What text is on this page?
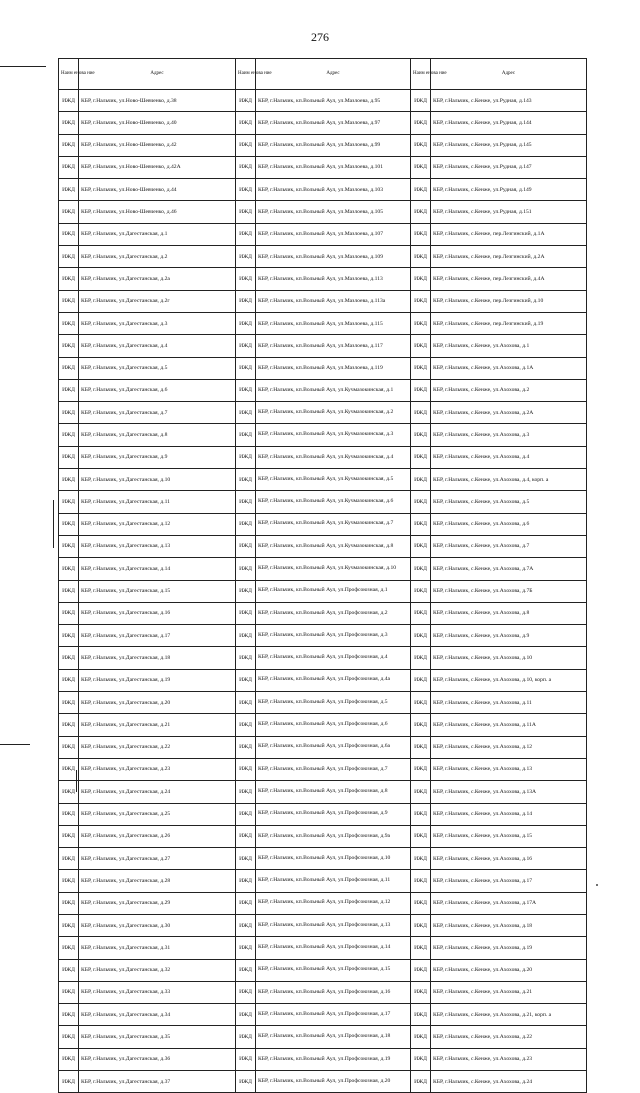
276
Наим енова ние	Адрес	Наим енова ние	Адрес	Наим енова ние	Адрес
ИЖД	КБР, г.Нальчик, ул.Ново-Шевченко, д.38	ИЖД	КБР, г.Нальчик, кп.Вольный Аул, ул.Мазлоева, д.95	ИЖД	КБР, г.Нальчик, с.Кенже, ул.Рудная, д.143
ИЖД	КБР, г.Нальчик, ул.Ново-Шевченко, д.40	ИЖД	КБР, г.Нальчик, кп.Вольный Аул, ул.Мазлоева, д.97	ИЖД	КБР, г.Нальчик, с.Кенже, ул.Рудная, д.144
ИЖД	КБР, г.Нальчик, ул.Ново-Шевченко, д.42	ИЖД	КБР, г.Нальчик, кп.Вольный Аул, ул.Мазлоева, д.99	ИЖД	КБР, г.Нальчик, с.Кенже, ул.Рудная, д.145
ИЖД	КБР, г.Нальчик, ул.Ново-Шевченко, д.42А	ИЖД	КБР, г.Нальчик, кп.Вольный Аул, ул.Мазлоева, д.101	ИЖД	КБР, г.Нальчик, с.Кенже, ул.Рудная, д.147
ИЖД	КБР, г.Нальчик, ул.Ново-Шевченко, д.44	ИЖД	КБР, г.Нальчик, кп.Вольный Аул, ул.Мазлоева, д.103	ИЖД	КБР, г.Нальчик, с.Кенже, ул.Рудная, д.149
ИЖД	КБР, г.Нальчик, ул.Ново-Шевченко, д.46	ИЖД	КБР, г.Нальчик, кп.Вольный Аул, ул.Мазлоева, д.105	ИЖД	КБР, г.Нальчик, с.Кенже, ул.Рудная, д.151
ИЖД	КБР, г.Нальчик, ул.Дагестанская, д.1	ИЖД	КБР, г.Нальчик, кп.Вольный Аул, ул.Мазлоева, д.107	ИЖД	КБР, г.Нальчик, с.Кенже, пер.Лезгинский, д.1А
ИЖД	КБР, г.Нальчик, ул.Дагестанская, д.2	ИЖД	КБР, г.Нальчик, кп.Вольный Аул, ул.Мазлоева, д.109	ИЖД	КБР, г.Нальчик, с.Кенже, пер.Лезгинский, д.2А
ИЖД	КБР, г.Нальчик, ул.Дагестанская, д.2а	ИЖД	КБР, г.Нальчик, кп.Вольный Аул, ул.Мазлоева, д.113	ИЖД	КБР, г.Нальчик, с.Кенже, пер.Лезгинский, д.4А
ИЖД	КБР, г.Нальчик, ул.Дагестанская, д.2г	ИЖД	КБР, г.Нальчик, кп.Вольный Аул, ул.Мазлоева, д.113а	ИЖД	КБР, г.Нальчик, с.Кенже, пер.Лезгинский, д.10
ИЖД	КБР, г.Нальчик, ул.Дагестанская, д.3	ИЖД	КБР, г.Нальчик, кп.Вольный Аул, ул.Мазлоева, д.115	ИЖД	КБР, г.Нальчик, с.Кенже, пер.Лезгинский, д.19
ИЖД	КБР, г.Нальчик, ул.Дагестанская, д.4	ИЖД	КБР, г.Нальчик, кп.Вольный Аул, ул.Мазлоева, д.117	ИЖД	КБР, г.Нальчик, с.Кенже, ул.Ахохова, д.1
ИЖД	КБР, г.Нальчик, ул.Дагестанская, д.5	ИЖД	КБР, г.Нальчик, кп.Вольный Аул, ул.Мазлоева, д.119	ИЖД	КБР, г.Нальчик, с.Кенже, ул.Ахохова, д.1А
ИЖД	КБР, г.Нальчик, ул.Дагестанская, д.6	ИЖД	КБР, г.Нальчик, кп.Вольный Аул, ул.Кучмазокинская, д.1	ИЖД	КБР, г.Нальчик, с.Кенже, ул.Ахохова, д.2
ИЖД	КБР, г.Нальчик, ул.Дагестанская, д.7	ИЖД	КБР, г.Нальчик, кп.Вольный Аул, ул.Кучмазокинская, д.2	ИЖД	КБР, г.Нальчик, с.Кенже, ул.Ахохова, д.2А
ИЖД	КБР, г.Нальчик, ул.Дагестанская, д.8	ИЖД	КБР, г.Нальчик, кп.Вольный Аул, ул.Кучмазокинская, д.3	ИЖД	КБР, г.Нальчик, с.Кенже, ул.Ахохова, д.3
ИЖД	КБР, г.Нальчик, ул.Дагестанская, д.9	ИЖД	КБР, г.Нальчик, кп.Вольный Аул, ул.Кучмазокинская, д.4	ИЖД	КБР, г.Нальчик, с.Кенже, ул.Ахохова, д.4
ИЖД	КБР, г.Нальчик, ул.Дагестанская, д.10	ИЖД	КБР, г.Нальчик, кп.Вольный Аул, ул.Кучмазокинская, д.5	ИЖД	КБР, г.Нальчик, с.Кенже, ул.Ахохова, д.4, корп. а
ИЖД	КБР, г.Нальчик, ул.Дагестанская, д.11	ИЖД	КБР, г.Нальчик, кп.Вольный Аул, ул.Кучмазокинская, д.6	ИЖД	КБР, г.Нальчик, с.Кенже, ул.Ахохова, д.5
ИЖД	КБР, г.Нальчик, ул.Дагестанская, д.12	ИЖД	КБР, г.Нальчик, кп.Вольный Аул, ул.Кучмазокинская, д.7	ИЖД	КБР, г.Нальчик, с.Кенже, ул.Ахохова, д.6
ИЖД	КБР, г.Нальчик, ул.Дагестанская, д.13	ИЖД	КБР, г.Нальчик, кп.Вольный Аул, ул.Кучмазокинская, д.8	ИЖД	КБР, г.Нальчик, с.Кенже, ул.Ахохова, д.7
ИЖД	КБР, г.Нальчик, ул.Дагестанская, д.14	ИЖД	КБР, г.Нальчик, кп.Вольный Аул, ул.Кучмазокинская, д.10	ИЖД	КБР, г.Нальчик, с.Кенже, ул.Ахохова, д.7А
ИЖД	КБР, г.Нальчик, ул.Дагестанская, д.15	ИЖД	КБР, г.Нальчик, кп.Вольный Аул, ул.Профсоюзная, д.1	ИЖД	КБР, г.Нальчик, с.Кенже, ул.Ахохова, д.7Б
ИЖД	КБР, г.Нальчик, ул.Дагестанская, д.16	ИЖД	КБР, г.Нальчик, кп.Вольный Аул, ул.Профсоюзная, д.2	ИЖД	КБР, г.Нальчик, с.Кенже, ул.Ахохова, д.8
ИЖД	КБР, г.Нальчик, ул.Дагестанская, д.17	ИЖД	КБР, г.Нальчик, кп.Вольный Аул, ул.Профсоюзная, д.3	ИЖД	КБР, г.Нальчик, с.Кенже, ул.Ахохова, д.9
ИЖД	КБР, г.Нальчик, ул.Дагестанская, д.18	ИЖД	КБР, г.Нальчик, кп.Вольный Аул, ул.Профсоюзная, д.4	ИЖД	КБР, г.Нальчик, с.Кенже, ул.Ахохова, д.10
ИЖД	КБР, г.Нальчик, ул.Дагестанская, д.19	ИЖД	КБР, г.Нальчик, кп.Вольный Аул, ул.Профсоюзная, д.4а	ИЖД	КБР, г.Нальчик, с.Кенже, ул.Ахохова, д.10, корп. а
ИЖД	КБР, г.Нальчик, ул.Дагестанская, д.20	ИЖД	КБР, г.Нальчик, кп.Вольный Аул, ул.Профсоюзная, д.5	ИЖД	КБР, г.Нальчик, с.Кенже, ул.Ахохова, д.11
ИЖД	КБР, г.Нальчик, ул.Дагестанская, д.21	ИЖД	КБР, г.Нальчик, кп.Вольный Аул, ул.Профсоюзная, д.6	ИЖД	КБР, г.Нальчик, с.Кенже, ул.Ахохова, д.11А
ИЖД	КБР, г.Нальчик, ул.Дагестанская, д.22	ИЖД	КБР, г.Нальчик, кп.Вольный Аул, ул.Профсоюзная, д.6а	ИЖД	КБР, г.Нальчик, с.Кенже, ул.Ахохова, д.12
ИЖД	КБР, г.Нальчик, ул.Дагестанская, д.23	ИЖД	КБР, г.Нальчик, кп.Вольный Аул, ул.Профсоюзная, д.7	ИЖД	КБР, г.Нальчик, с.Кенже, ул.Ахохова, д.13
ИЖД	КБР, г.Нальчик, ул.Дагестанская, д.24	ИЖД	КБР, г.Нальчик, кп.Вольный Аул, ул.Профсоюзная, д.8	ИЖД	КБР, г.Нальчик, с.Кенже, ул.Ахохова, д.13А
ИЖД	КБР, г.Нальчик, ул.Дагестанская, д.25	ИЖД	КБР, г.Нальчик, кп.Вольный Аул, ул.Профсоюзная, д.9	ИЖД	КБР, г.Нальчик, с.Кенже, ул.Ахохова, д.14
ИЖД	КБР, г.Нальчик, ул.Дагестанская, д.26	ИЖД	КБР, г.Нальчик, кп.Вольный Аул, ул.Профсоюзная, д.9а	ИЖД	КБР, г.Нальчик, с.Кенже, ул.Ахохова, д.15
ИЖД	КБР, г.Нальчик, ул.Дагестанская, д.27	ИЖД	КБР, г.Нальчик, кп.Вольный Аул, ул.Профсоюзная, д.10	ИЖД	КБР, г.Нальчик, с.Кенже, ул.Ахохова, д.16
ИЖД	КБР, г.Нальчик, ул.Дагестанская, д.28	ИЖД	КБР, г.Нальчик, кп.Вольный Аул, ул.Профсоюзная, д.11	ИЖД	КБР, г.Нальчик, с.Кенже, ул.Ахохова, д.17
ИЖД	КБР, г.Нальчик, ул.Дагестанская, д.29	ИЖД	КБР, г.Нальчик, кп.Вольный Аул, ул.Профсоюзная, д.12	ИЖД	КБР, г.Нальчик, с.Кенже, ул.Ахохова, д.17А
ИЖД	КБР, г.Нальчик, ул.Дагестанская, д.30	ИЖД	КБР, г.Нальчик, кп.Вольный Аул, ул.Профсоюзная, д.13	ИЖД	КБР, г.Нальчик, с.Кенже, ул.Ахохова, д.18
ИЖД	КБР, г.Нальчик, ул.Дагестанская, д.31	ИЖД	КБР, г.Нальчик, кп.Вольный Аул, ул.Профсоюзная, д.14	ИЖД	КБР, г.Нальчик, с.Кенже, ул.Ахохова, д.19
ИЖД	КБР, г.Нальчик, ул.Дагестанская, д.32	ИЖД	КБР, г.Нальчик, кп.Вольный Аул, ул.Профсоюзная, д.15	ИЖД	КБР, г.Нальчик, с.Кенже, ул.Ахохова, д.20
ИЖД	КБР, г.Нальчик, ул.Дагестанская, д.33	ИЖД	КБР, г.Нальчик, кп.Вольный Аул, ул.Профсоюзная, д.16	ИЖД	КБР, г.Нальчик, с.Кенже, ул.Ахохова, д.21
ИЖД	КБР, г.Нальчик, ул.Дагестанская, д.34	ИЖД	КБР, г.Нальчик, кп.Вольный Аул, ул.Профсоюзная, д.17	ИЖД	КБР, г.Нальчик, с.Кенже, ул.Ахохова, д.21, корп. а
ИЖД	КБР, г.Нальчик, ул.Дагестанская, д.35	ИЖД	КБР, г.Нальчик, кп.Вольный Аул, ул.Профсоюзная, д.18	ИЖД	КБР, г.Нальчик, с.Кенже, ул.Ахохова, д.22
ИЖД	КБР, г.Нальчик, ул.Дагестанская, д.36	ИЖД	КБР, г.Нальчик, кп.Вольный Аул, ул.Профсоюзная, д.19	ИЖД	КБР, г.Нальчик, с.Кенже, ул.Ахохова, д.23
ИЖД	КБР, г.Нальчик, ул.Дагестанская, д.37	ИЖД	КБР, г.Нальчик, кп.Вольный Аул, ул.Профсоюзная, д.20	ИЖД	КБР, г.Нальчик, с.Кенже, ул.Ахохова, д.24
